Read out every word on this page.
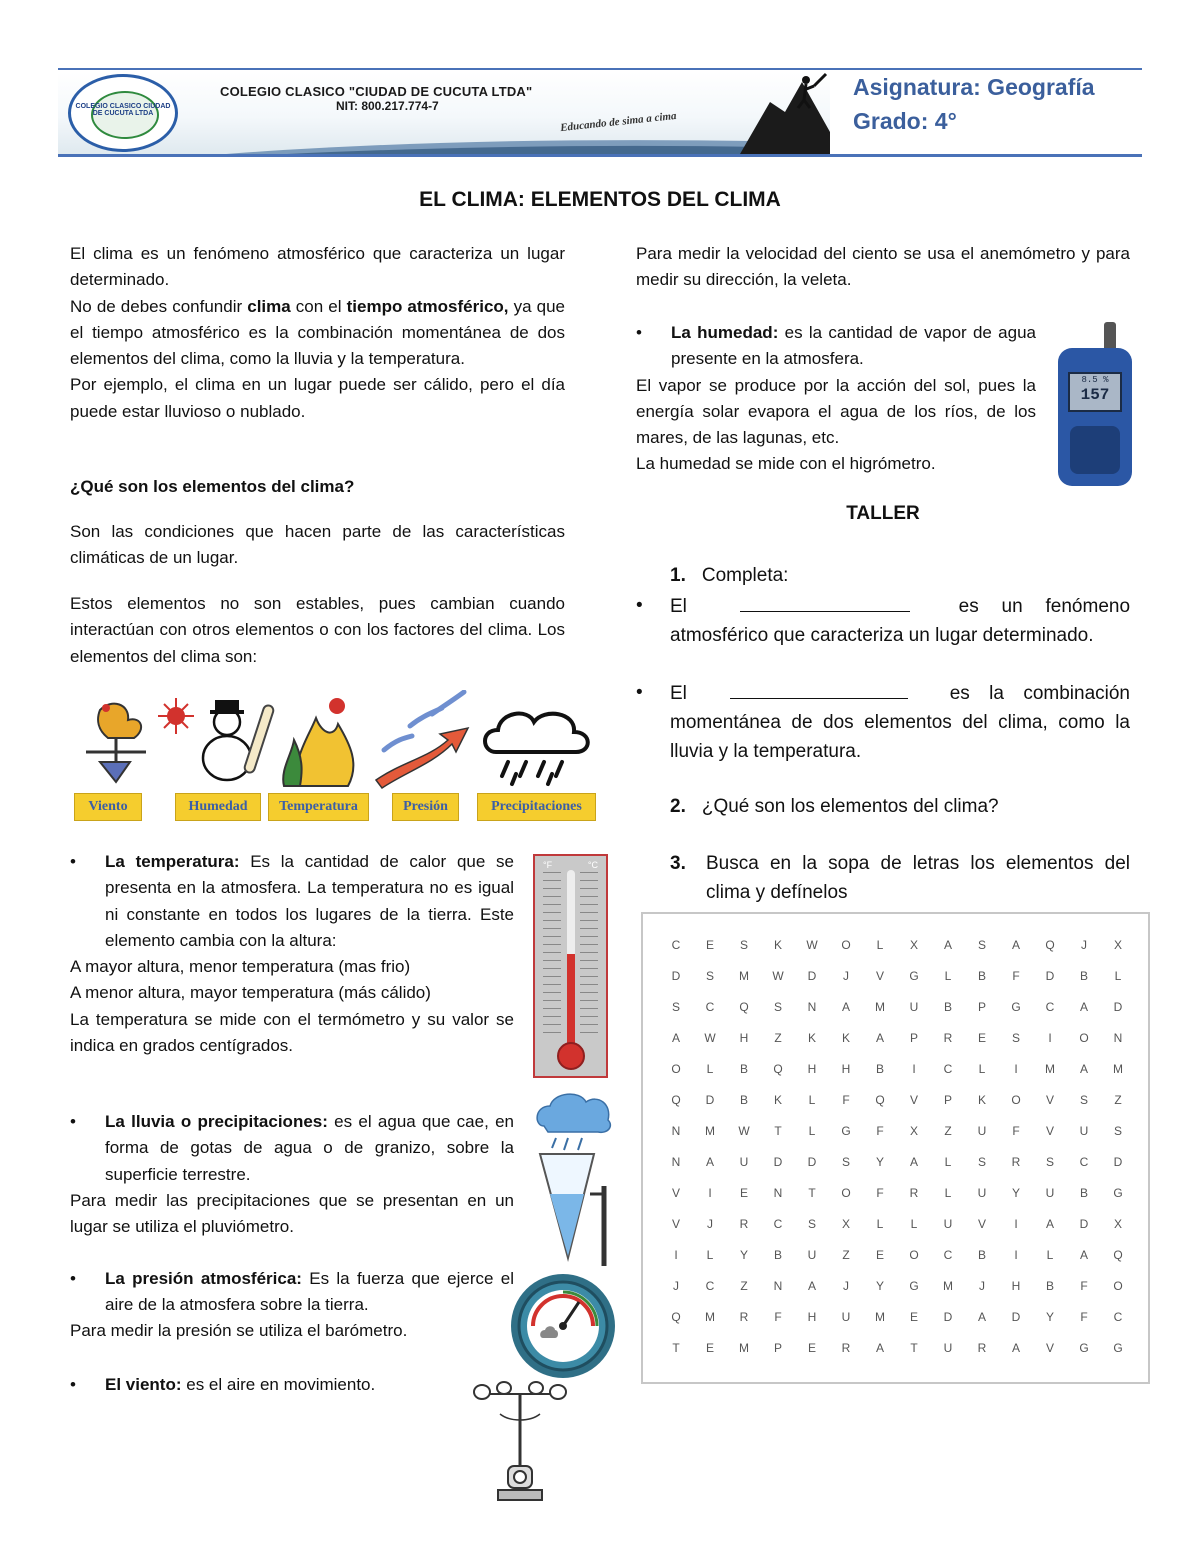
COLEGIO CLASICO CIUDAD DE CUCUTA LTDA
COLEGIO CLASICO "CIUDAD DE CUCUTA LTDA"
NIT: 800.217.774-7
Educando de sima a cima
Asignatura: Geografía
Grado: 4°
EL CLIMA: ELEMENTOS DEL CLIMA

El clima es un fenómeno atmosférico que caracteriza un lugar determinado.

No de debes confundir clima con el tiempo atmosférico, ya que el tiempo atmosférico es la combinación momentánea de dos elementos del clima, como la lluvia y la temperatura.

Por ejemplo, el clima en un lugar puede ser cálido, pero el día puede estar lluvioso o nublado.

¿Qué son los elementos del clima?
Son las condiciones que hacen parte de las características climáticas de un lugar.
Estos elementos no son estables, pues cambian cuando interactúan con otros elementos o con los factores del clima. Los elementos del clima son:
Viento	Humedad	Temperatura	Presión	Precipitaciones

• La temperatura: Es la cantidad de calor que se presenta en la atmosfera. La temperatura no es igual ni constante en todos los lugares de la tierra. Este elemento cambia con la altura:

A mayor altura, menor temperatura (mas frio)

A menor altura, mayor temperatura (más cálido)

La temperatura se mide con el termómetro y su valor se indica en grados centígrados.

°F	°C

• La lluvia o precipitaciones: es el agua que cae, en forma de gotas de agua o de granizo, sobre la superficie terrestre.

Para medir las precipitaciones que se presentan en un lugar se utiliza el pluviómetro.

• La presión atmosférica: Es la fuerza que ejerce el aire de la atmosfera sobre la tierra.

Para medir la presión se utiliza el barómetro.

• El viento: es el aire en movimiento.

Para medir la velocidad del ciento se usa el anemómetro y para medir su dirección, la veleta.

• La humedad: es la cantidad de vapor de agua presente en la atmosfera.

El vapor se produce por la acción del sol, pues la energía solar evapora el agua de los ríos, de los mares, de las lagunas, etc.

La humedad se mide con el higrómetro.

8.5 %
157
TALLER
1. Completa:
•	El	es un fenómeno atmosférico que caracteriza un lugar determinado.
•	El	es la combinación momentánea de dos elementos del clima, como la lluvia y la temperatura.
2. ¿Qué son los elementos del clima?
3.	Busca en la sopa de letras los elementos del clima y defínelos
C	E	S	K	W	O	L	X	A	S	A	Q	J	X
D	S	M	W	D	J	V	G	L	B	F	D	B	L
S	C	Q	S	N	A	M	U	B	P	G	C	A	D
A	W	H	Z	K	K	A	P	R	E	S	I	O	N
O	L	B	Q	H	H	B	I	C	L	I	M	A	M
Q	D	B	K	L	F	Q	V	P	K	O	V	S	Z
N	M	W	T	L	G	F	X	Z	U	F	V	U	S
N	A	U	D	D	S	Y	A	L	S	R	S	C	D
V	I	E	N	T	O	F	R	L	U	Y	U	B	G
V	J	R	C	S	X	L	L	U	V	I	A	D	X
I	L	Y	B	U	Z	E	O	C	B	I	L	A	Q
J	C	Z	N	A	J	Y	G	M	J	H	B	F	O
Q	M	R	F	H	U	M	E	D	A	D	Y	F	C
T	E	M	P	E	R	A	T	U	R	A	V	G	G
